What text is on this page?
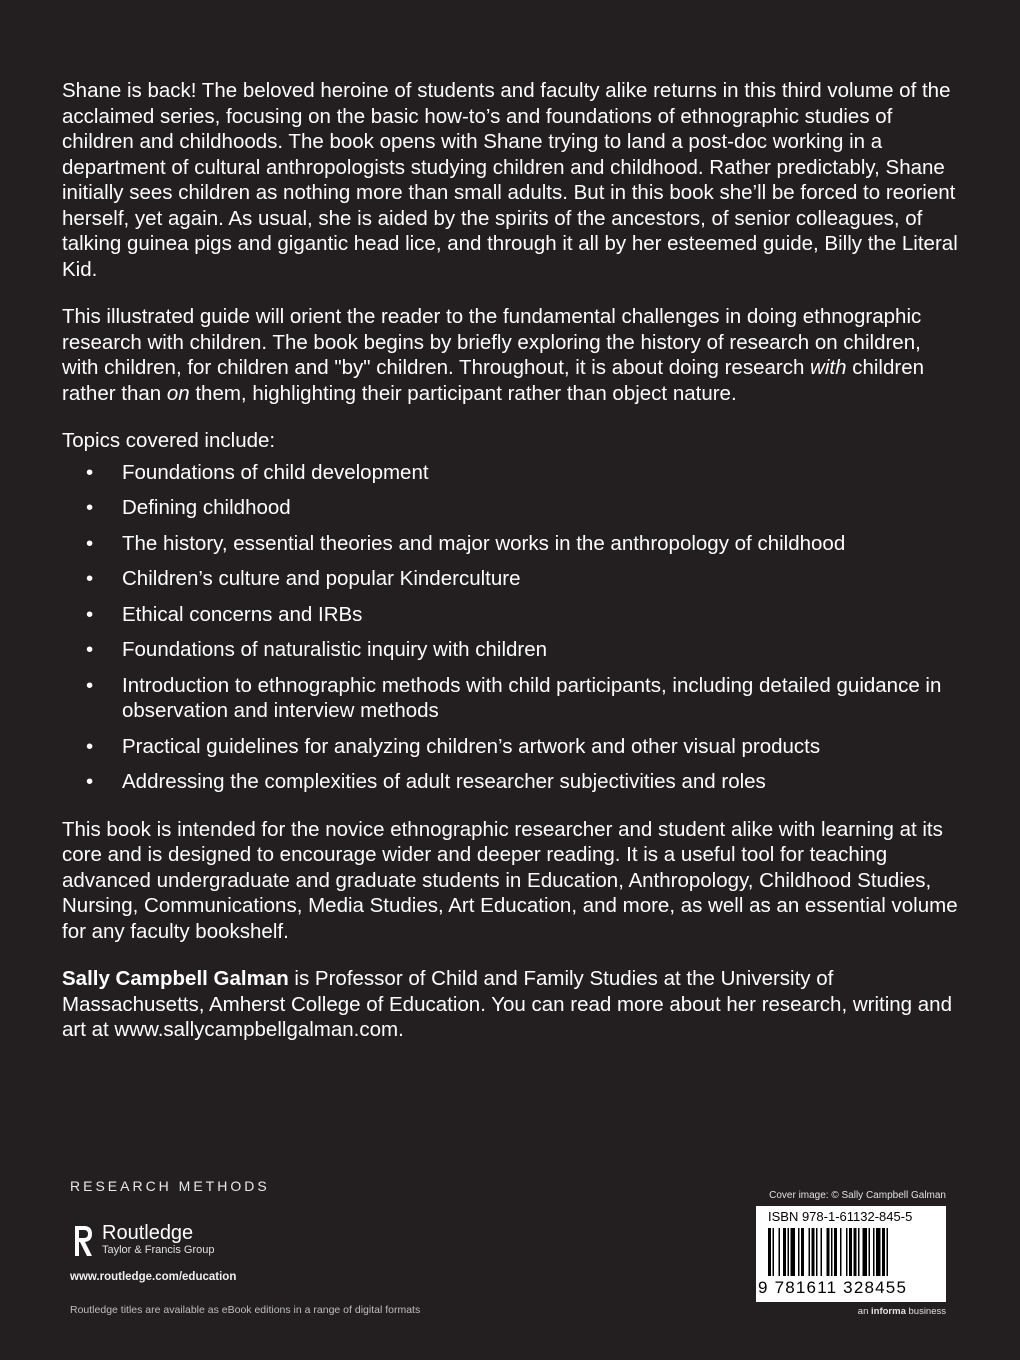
Shane is back! The beloved heroine of students and faculty alike returns in this third volume of the acclaimed series, focusing on the basic how-to’s and foundations of ethnographic studies of children and childhoods. The book opens with Shane trying to land a post-doc working in a department of cultural anthropologists studying children and childhood. Rather predictably, Shane initially sees children as nothing more than small adults. But in this book she’ll be forced to reorient herself, yet again. As usual, she is aided by the spirits of the ancestors, of senior colleagues, of talking guinea pigs and gigantic head lice, and through it all by her esteemed guide, Billy the Literal Kid.

This illustrated guide will orient the reader to the fundamental challenges in doing ethnographic research with children. The book begins by briefly exploring the history of research on children, with children, for children and "by" children. Throughout, it is about doing research with children rather than on them, highlighting their participant rather than object nature.

Topics covered include:

• Foundations of child development
• Defining childhood
• The history, essential theories and major works in the anthropology of childhood
• Children’s culture and popular Kinderculture
• Ethical concerns and IRBs
• Foundations of naturalistic inquiry with children
• Introduction to ethnographic methods with child participants, including detailed guidance in observation and interview methods
• Practical guidelines for analyzing children’s artwork and other visual products
• Addressing the complexities of adult researcher subjectivities and roles

This book is intended for the novice ethnographic researcher and student alike with learning at its core and is designed to encourage wider and deeper reading. It is a useful tool for teaching advanced undergraduate and graduate students in Education, Anthropology, Childhood Studies, Nursing, Communications, Media Studies, Art Education, and more, as well as an essential volume for any faculty bookshelf.

Sally Campbell Galman is Professor of Child and Family Studies at the University of Massachusetts, Amherst College of Education. You can read more about her research, writing and art at www.sallycampbellgalman.com.

RESEARCH METHODS
Routledge
Taylor & Francis Group
www.routledge.com/education
Routledge titles are available as eBook editions in a range of digital formats
Cover image: © Sally Campbell Galman
ISBN 978-1-61132-845-5
9 781611 328455
an informa business
